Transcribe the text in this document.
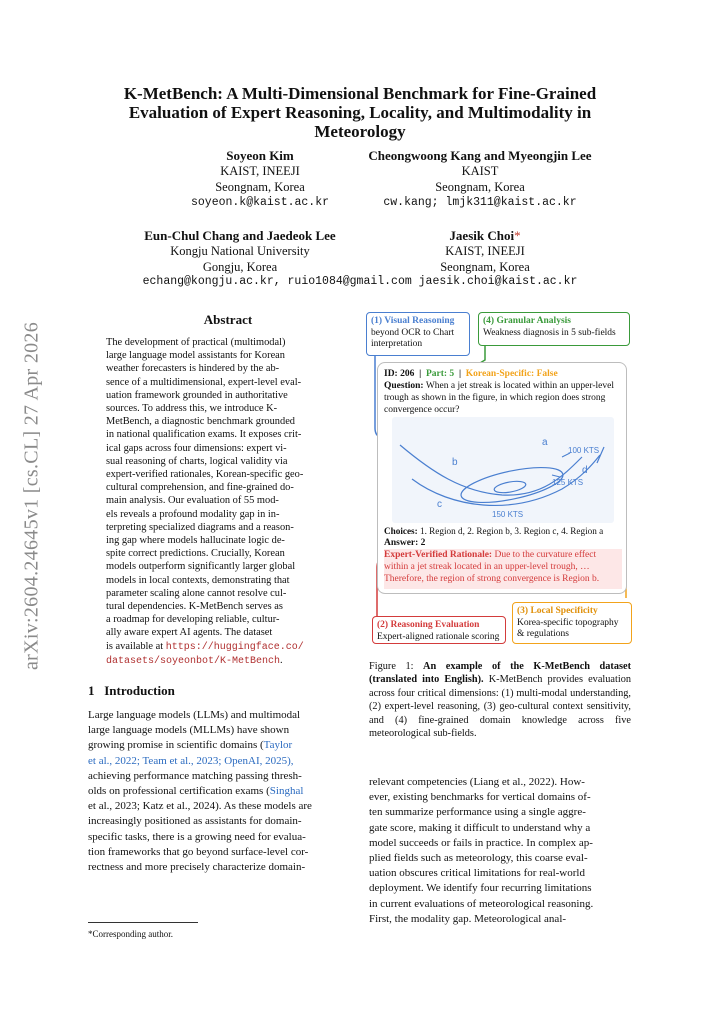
K-MetBench: A Multi-Dimensional Benchmark for Fine-Grained
Evaluation of Expert Reasoning, Locality, and Multimodality in
Meteorology
Soyeon Kim
KAIST, INEEJI
Seongnam, Korea
soyeon.k@kaist.ac.kr
Cheongwoong Kang and Myeongjin Lee
KAIST
Seongnam, Korea
cw.kang; lmjk311@kaist.ac.kr
Eun-Chul Chang and Jaedeok Lee
Kongju National University
Gongju, Korea
Jaesik Choi*
KAIST, INEEJI
Seongnam, Korea
echang@kongju.ac.kr, ruio1084@gmail.com jaesik.choi@kaist.ac.kr
arXiv:2604.24645v1 [cs.CL] 27 Apr 2026
Abstract
The development of practical (multimodal)
large language model assistants for Korean
weather forecasters is hindered by the ab-
sence of a multidimensional, expert-level eval-
uation framework grounded in authoritative
sources. To address this, we introduce K-
MetBench, a diagnostic benchmark grounded
in national qualification exams. It exposes crit-
ical gaps across four dimensions: expert vi-
sual reasoning of charts, logical validity via
expert-verified rationales, Korean-specific geo-
cultural comprehension, and fine-grained do-
main analysis. Our evaluation of 55 mod-
els reveals a profound modality gap in in-
terpreting specialized diagrams and a reason-
ing gap where models hallucinate logic de-
spite correct predictions. Crucially, Korean
models outperform significantly larger global
models in local contexts, demonstrating that
parameter scaling alone cannot resolve cul-
tural dependencies. K-MetBench serves as
a roadmap for developing reliable, cultur-
ally aware expert AI agents. The dataset
is available at https://huggingface.co/
datasets/soyeonbot/K-MetBench.
1 Introduction
Large language models (LLMs) and multimodal
large language models (MLLMs) have shown
growing promise in scientific domains (Taylor
et al., 2022; Team et al., 2023; OpenAI, 2025),
achieving performance matching passing thresh-
olds on professional certification exams (Singhal
et al., 2023; Katz et al., 2024). As these models are
increasingly positioned as assistants for domain-
specific tasks, there is a growing need for evalua-
tion frameworks that go beyond surface-level cor-
rectness and more precisely characterize domain-
*Corresponding author.
relevant competencies (Liang et al., 2022). How-
ever, existing benchmarks for vertical domains of-
ten summarize performance using a single aggre-
gate score, making it difficult to understand why a
model succeeds or fails in practice. In complex ap-
plied fields such as meteorology, this coarse eval-
uation obscures critical limitations for real-world
deployment. We identify four recurring limitations
in current evaluations of meteorological reasoning.
First, the modality gap. Meteorological anal-
Figure 1: An example of the K-MetBench dataset (translated into English). K-MetBench provides evaluation across four critical dimensions: (1) multi-modal understanding, (2) expert-level reasoning, (3) geo-cultural context sensitivity, and (4) fine-grained domain knowledge across five meteorological sub-fields.
(1) Visual Reasoning
beyond OCR to Chart interpretation
(4) Granular Analysis
Weakness diagnosis in 5 sub-fields
ID: 206  |  Part: 5  |  Korean-Specific: False
Question: When a jet streak is located within an upper-level trough as shown in the figure, in which region does strong convergence occur?
a
b
c
d
100 KTS
125 KTS
150 KTS
Choices: 1. Region d, 2. Region b, 3. Region c, 4. Region a
Answer: 2
Expert-Verified Rationale: Due to the curvature effect within a jet streak located in an upper-level trough, … Therefore, the region of strong convergence is Region b.
(2) Reasoning Evaluation
Expert-aligned rationale scoring
(3) Local Specificity
Korea-specific topography & regulations
